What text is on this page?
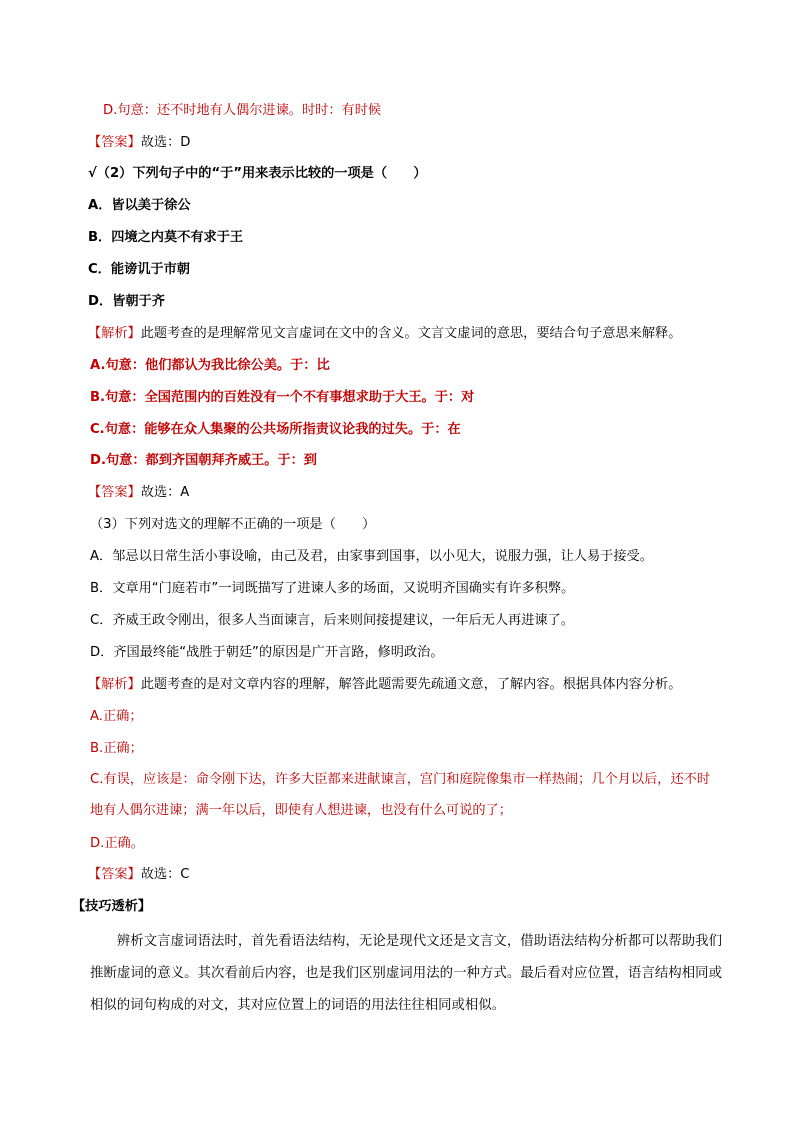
D.句意：还不时地有人偶尔进谏。时时：有时候
【答案】故选：D
√（2）下列句子中的“于”用来表示比较的一项是（　　）
A．皆以美于徐公
B．四境之内莫不有求于王
C．能谤讥于市朝
D．皆朝于齐
【解析】此题考查的是理解常见文言虚词在文中的含义。文言文虚词的意思，要结合句子意思来解释。
A.句意：他们都认为我比徐公美。于：比
B.句意：全国范围内的百姓没有一个不有事想求助于大王。于：对
C.句意：能够在众人集聚的公共场所指责议论我的过失。于：在
D.句意：都到齐国朝拜齐威王。于：到
【答案】故选：A
（3）下列对选文的理解不正确的一项是（　　）
A．邹忌以日常生活小事设喻，由己及君，由家事到国事，以小见大，说服力强，让人易于接受。
B．文章用“门庭若市”一词既描写了进谏人多的场面，又说明齐国确实有许多积弊。
C．齐威王政令刚出，很多人当面谏言，后来则间接提建议，一年后无人再进谏了。
D．齐国最终能“战胜于朝廷”的原因是广开言路，修明政治。
【解析】此题考查的是对文章内容的理解，解答此题需要先疏通文意，了解内容。根据具体内容分析。
A.正确；
B.正确；
C.有误，应该是：命令刚下达，许多大臣都来进献谏言，宫门和庭院像集市一样热闹；几个月以后，还不时地有人偶尔进谏；满一年以后，即使有人想进谏，也没有什么可说的了；
D.正确。
【答案】故选：C
【技巧透析】

辨析文言虚词语法时，首先看语法结构，无论是现代文还是文言文，借助语法结构分析都可以帮助我们推断虚词的意义。其次看前后内容，也是我们区别虚词用法的一种方式。最后看对应位置，语言结构相同或相似的词句构成的对文，其对应位置上的词语的用法往往相同或相似。
